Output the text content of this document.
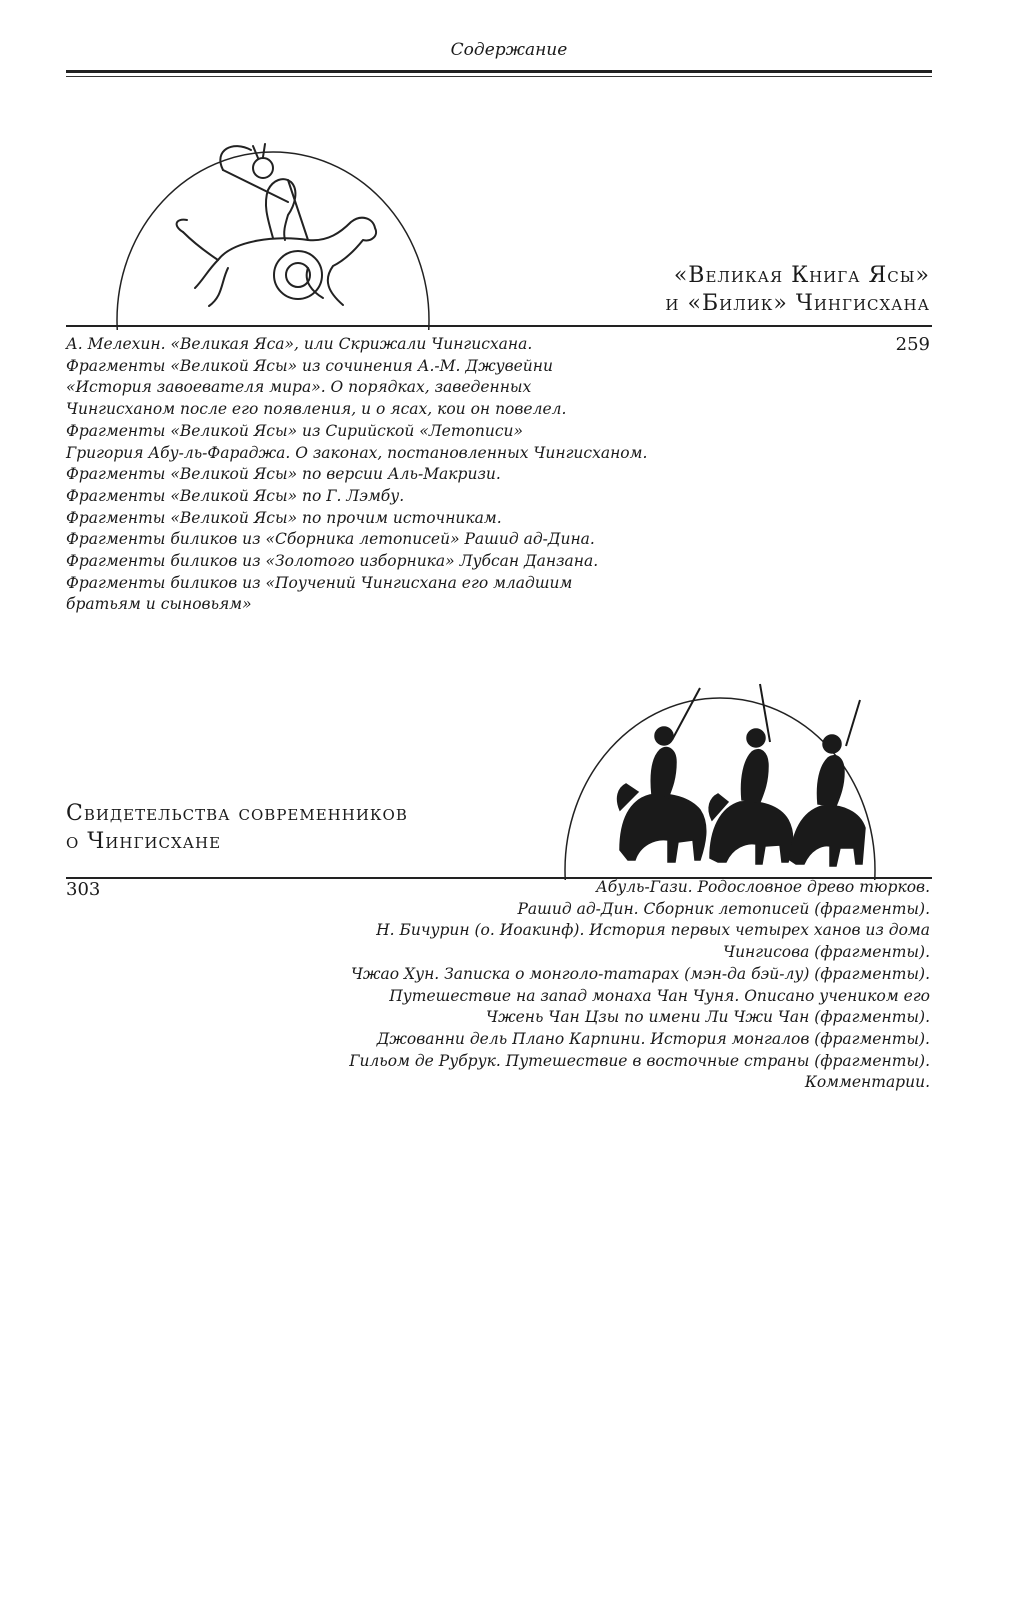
Содержание
«Великая Книга Ясы»
и «Билик» Чингисхана
259
А. Мелехин. «Великая Яса», или Скрижали Чингисхана.
Фрагменты «Великой Ясы» из сочинения А.-М. Джувейни
«История завоевателя мира». О порядках, заведенных
Чингисханом после его появления, и о ясах, кои он повелел.
Фрагменты «Великой Ясы» из Сирийской «Летописи»
Григория Абу-ль-Фараджа. О законах, постановленных Чингисханом.
Фрагменты «Великой Ясы» по версии Аль-Макризи.
Фрагменты «Великой Ясы» по Г. Лэмбу.
Фрагменты «Великой Ясы» по прочим источникам.
Фрагменты биликов из «Сборника летописей» Рашид ад-Дина.
Фрагменты биликов из «Золотого изборника» Лубсан Данзана.
Фрагменты биликов из «Поучений Чингисхана его младшим
братьям и сыновьям»
Свидетельства современников
о Чингисхане
303	Абуль-Гази. Родословное древо тюрков.
Рашид ад-Дин. Сборник летописей (фрагменты).
Н. Бичурин (о. Иоакинф). История первых четырех ханов из дома
Чингисова (фрагменты).
Чжао Хун. Записка о монголо-татарах (мэн-да бэй-лу) (фрагменты).
Путешествие на запад монаха Чан Чуня. Описано учеником его
Чжень Чан Цзы по имени Ли Чжи Чан (фрагменты).
Джованни дель Плано Карпини. История монгалов (фрагменты).
Гильом де Рубрук. Путешествие в восточные страны (фрагменты).
Комментарии.
